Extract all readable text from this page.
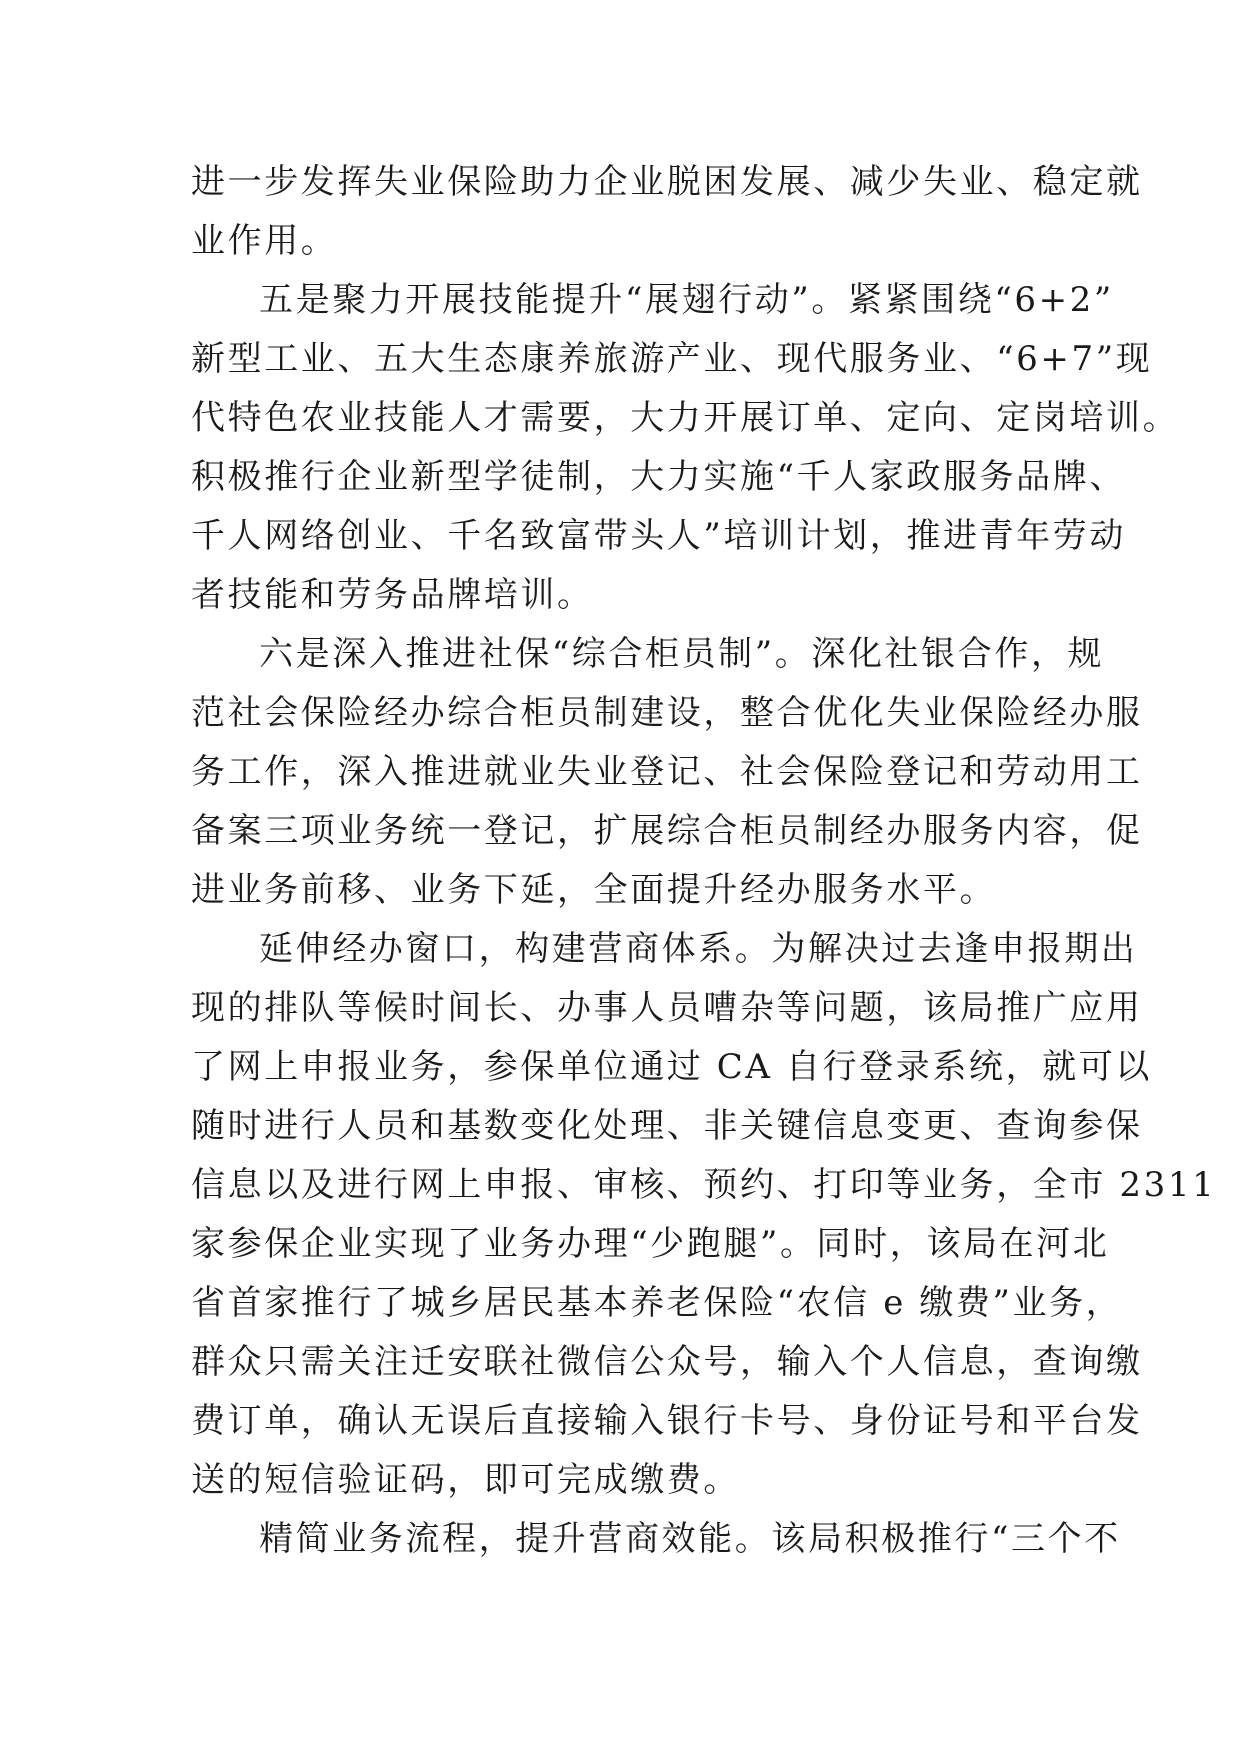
进一步发挥失业保险助力企业脱困发展、减少失业、稳定就
业作用。
五是聚力开展技能提升“展翅行动”。紧紧围绕“6+2”
新型工业、五大生态康养旅游产业、现代服务业、“6+7”现
代特色农业技能人才需要，大力开展订单、定向、定岗培训。
积极推行企业新型学徒制，大力实施“千人家政服务品牌、
千人网络创业、千名致富带头人”培训计划，推进青年劳动
者技能和劳务品牌培训。
六是深入推进社保“综合柜员制”。深化社银合作，规
范社会保险经办综合柜员制建设，整合优化失业保险经办服
务工作，深入推进就业失业登记、社会保险登记和劳动用工
备案三项业务统一登记，扩展综合柜员制经办服务内容，促
进业务前移、业务下延，全面提升经办服务水平。
延伸经办窗口，构建营商体系。为解决过去逢申报期出
现的排队等候时间长、办事人员嘈杂等问题，该局推广应用
了网上申报业务，参保单位通过 CA 自行登录系统，就可以
随时进行人员和基数变化处理、非关键信息变更、查询参保
信息以及进行网上申报、审核、预约、打印等业务，全市 2311
家参保企业实现了业务办理“少跑腿”。同时，该局在河北
省首家推行了城乡居民基本养老保险“农信 e 缴费”业务，
群众只需关注迁安联社微信公众号，输入个人信息，查询缴
费订单，确认无误后直接输入银行卡号、身份证号和平台发
送的短信验证码，即可完成缴费。
精简业务流程，提升营商效能。该局积极推行“三个不
